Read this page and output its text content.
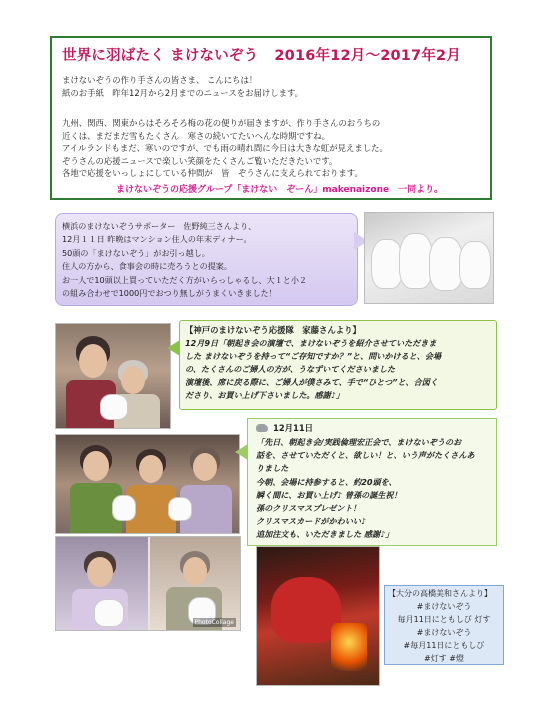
世界に羽ばたく まけないぞう 2016年12月〜2017年2月
まけないぞうの作り手さんの皆さま、 こんにちは！
紙のお手紙　昨年12月から2月までのニュースをお届けします。
九州、関西、関東からはそろそろ梅の花の便りが届きますが、作り手さんのおうちの
近くは、まだまだ雪もたくさん　寒さの続いてたいへんな時期ですね。
アイルランドもまだ、寒いのですが、でも雨の晴れ間に今日は大きな虹が見えました。
ぞうさんの応援ニュースで楽しい笑顔をたくさんご覧いただきたいです。
各地で応援をいっしょにしている仲間が　皆　ぞうさんに支えられております。
まけないぞうの応援グループ「まけない　ぞーん」makenaizone　一同より。
横浜のまけないぞうサポーター　佐野純三さんより、
12月１１日 昨晩はマンション住人の年末ディナー。
50頭の「まけないぞう」がお引っ越し。
住人の方から、食事会の時に売ろうとの提案。
お一人で10頭以上買っていただく方がいらっしゃるし、大１と小２
の組み合わせで1000円でおつり無しがうまくいきました！
【神戸のまけないぞう応援隊　家藤さんより】
12月9日「朝起き会の演壇で、まけないぞうを紹介させていただきま
した まけないぞうを持って“ご存知ですか？”と、問いかけると、会場
の、たくさんのご婦人の方が、うなずいてくださいました
演壇後、席に戻る際に、ご婦人が僕さみて、手で“ひとつ”と、合図く
ださり、お買い上げ下さいました。感謝♪」
12月11日
「先日、朝起き会/実践倫理宏正会で、まけないぞうのお
話を、させていただくと、欲しい！と、いう声がたくさんあ
りました
今朝、会場に持参すると、約20頭を、
瞬く間に、お買い上げ♪ 曾孫の誕生祝！
孫のクリスマスプレゼント！
クリスマスカードがかわいい♪
追加注文も、いただきました 感謝♪」
PhotoCollage
【大分の高橋美和さんより】
#まけないぞう
毎月11日にともしび 灯す
#まけないぞう
#毎月11日にともしび
#灯す #燈
